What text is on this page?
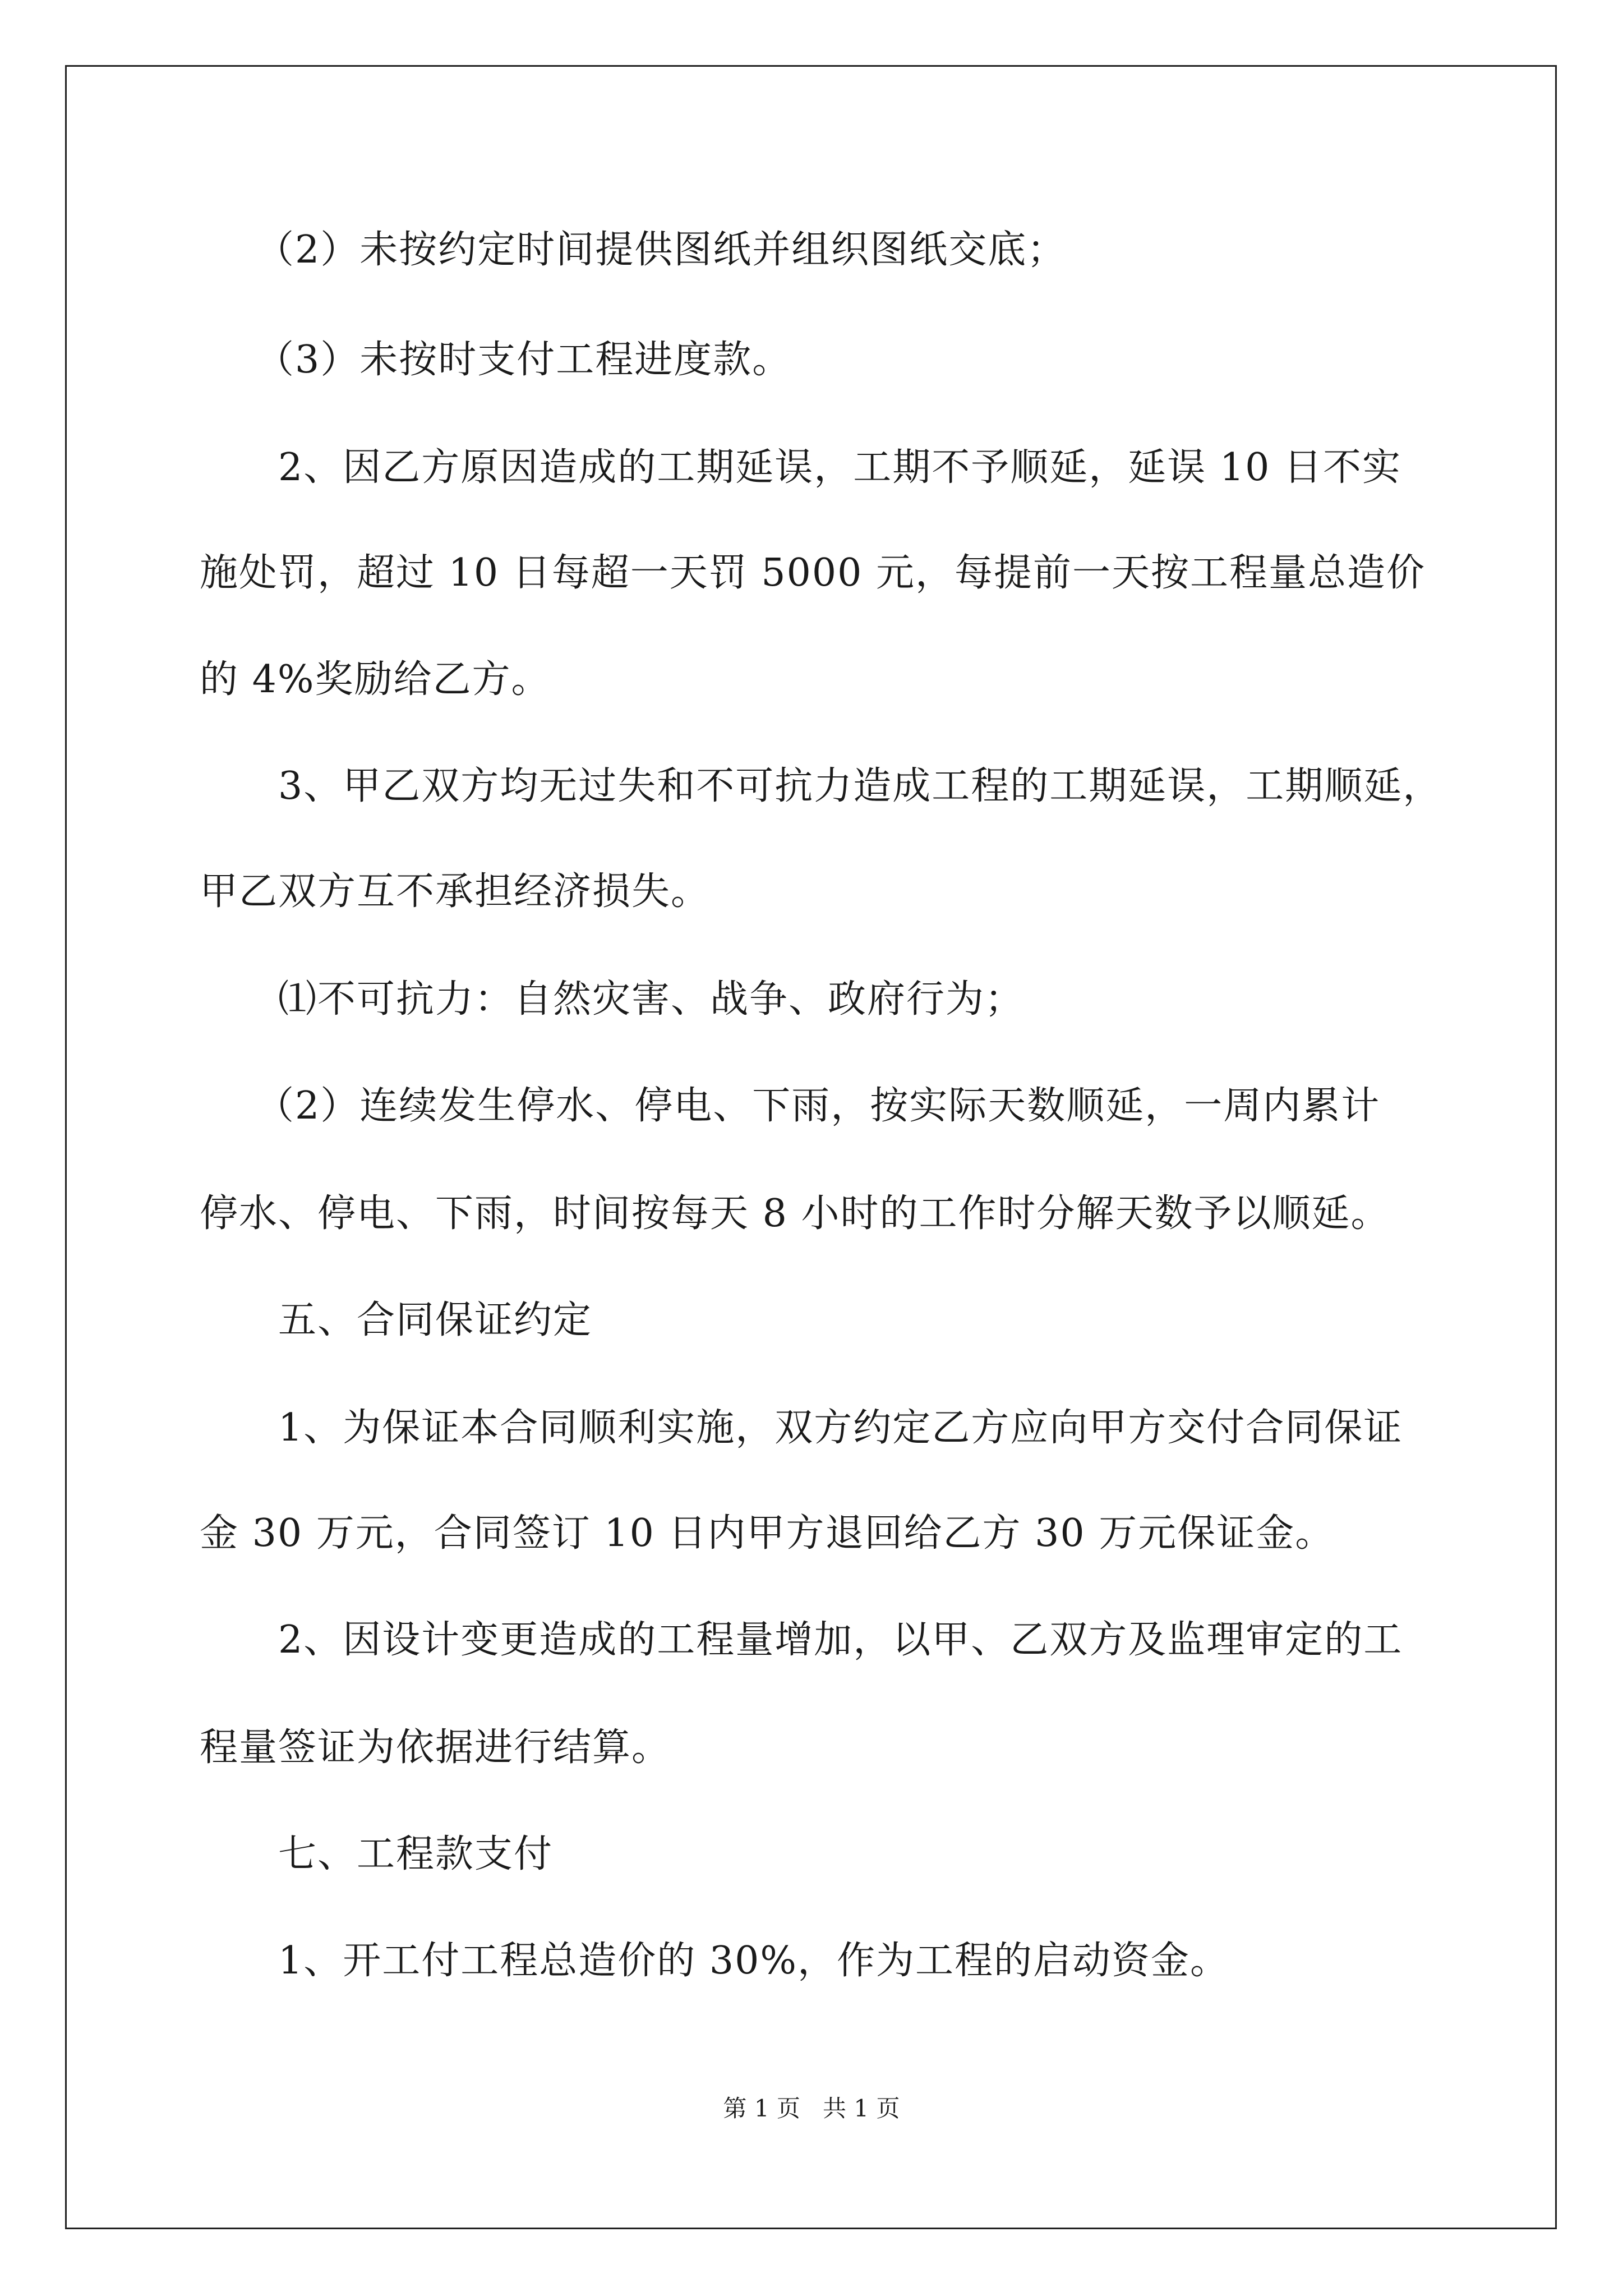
（2）未按约定时间提供图纸并组织图纸交底；
（3）未按时支付工程进度款。
2、因乙方原因造成的工期延误，工期不予顺延，延误 10 日不实
施处罚，超过 10 日每超一天罚 5000 元，每提前一天按工程量总造价
的 4%奖励给乙方。
3、甲乙双方均无过失和不可抗力造成工程的工期延误，工期顺延，
甲乙双方互不承担经济损失。
⑴不可抗力：自然灾害、战争、政府行为；
（2）连续发生停水、停电、下雨，按实际天数顺延，一周内累计
停水、停电、下雨，时间按每天 8 小时的工作时分解天数予以顺延。
五、合同保证约定
1、为保证本合同顺利实施，双方约定乙方应向甲方交付合同保证
金 30 万元，合同签订 10 日内甲方退回给乙方 30 万元保证金。
2、因设计变更造成的工程量增加，以甲、乙双方及监理审定的工
程量签证为依据进行结算。
七、工程款支付
1、开工付工程总造价的 30%，作为工程的启动资金。
第 1 页   共 1 页
